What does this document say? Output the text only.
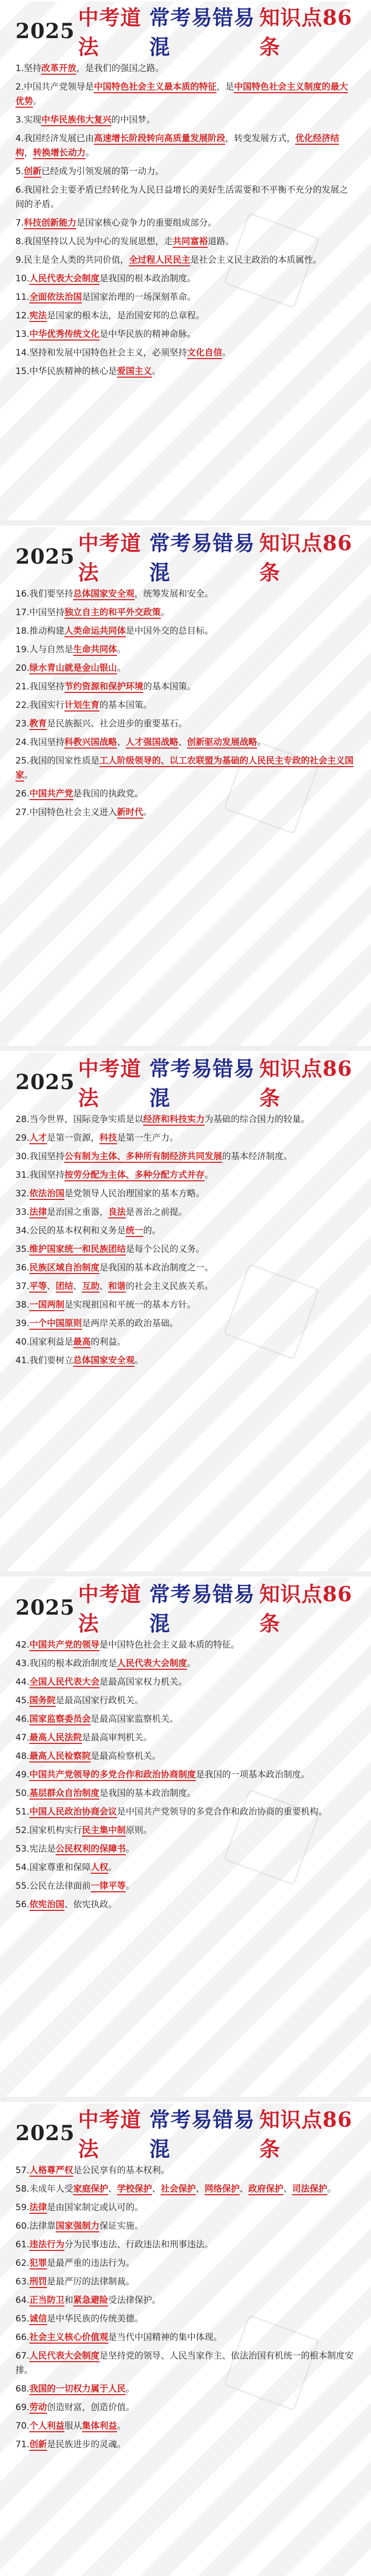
2025
中考道法
常考易错易混
知识点86条
1.坚持改革开放，是我们的强国之路。
2.中国共产党领导是中国特色社会主义最本质的特征，是中国特色社会主义制度的最大优势。
3.实现中华民族伟大复兴的中国梦。
4.我国经济发展已由高速增长阶段转向高质量发展阶段，转变发展方式，优化经济结构，转换增长动力。
5.创新已经成为引领发展的第一动力。
6.我国社会主要矛盾已经转化为人民日益增长的美好生活需要和不平衡不充分的发展之间的矛盾。
7.科技创新能力是国家核心竞争力的重要组成部分。
8.我国坚持以人民为中心的发展思想，走共同富裕道路。
9.民主是全人类的共同价值，全过程人民民主是社会主义民主政治的本质属性。
10.人民代表大会制度是我国的根本政治制度。
11.全面依法治国是国家治理的一场深刻革命。
12.宪法是国家的根本法，是治国安邦的总章程。
13.中华优秀传统文化是中华民族的精神命脉。
14.坚持和发展中国特色社会主义，必须坚持文化自信。
15.中华民族精神的核心是爱国主义。
2025
中考道法
常考易错易混
知识点86条
16.我们要坚持总体国家安全观，统筹发展和安全。
17.中国坚持独立自主的和平外交政策。
18.推动构建人类命运共同体是中国外交的总目标。
19.人与自然是生命共同体。
20.绿水青山就是金山银山。
21.我国坚持节约资源和保护环境的基本国策。
22.我国实行计划生育的基本国策。
23.教育是民族振兴、社会进步的重要基石。
24.我国坚持科教兴国战略、人才强国战略、创新驱动发展战略。
25.我国的国家性质是工人阶级领导的、以工农联盟为基础的人民民主专政的社会主义国家。
26.中国共产党是我国的执政党。
27.中国特色社会主义进入新时代。
2025
中考道法
常考易错易混
知识点86条
28.当今世界，国际竞争实质是以经济和科技实力为基础的综合国力的较量。
29.人才是第一资源，科技是第一生产力。
30.我国坚持公有制为主体、多种所有制经济共同发展的基本经济制度。
31.我国坚持按劳分配为主体、多种分配方式并存。
32.依法治国是党领导人民治理国家的基本方略。
33.法律是治国之重器，良法是善治之前提。
34.公民的基本权利和义务是统一的。
35.维护国家统一和民族团结是每个公民的义务。
36.民族区域自治制度是我国的基本政治制度之一。
37.平等、团结、互助、和谐的社会主义民族关系。
38.一国两制是实现祖国和平统一的基本方针。
39.一个中国原则是两岸关系的政治基础。
40.国家利益是最高的利益。
41.我们要树立总体国家安全观。
2025
中考道法
常考易错易混
知识点86条
42.中国共产党的领导是中国特色社会主义最本质的特征。
43.我国的根本政治制度是人民代表大会制度。
44.全国人民代表大会是最高国家权力机关。
45.国务院是最高国家行政机关。
46.国家监察委员会是最高国家监察机关。
47.最高人民法院是最高审判机关。
48.最高人民检察院是最高检察机关。
49.中国共产党领导的多党合作和政治协商制度是我国的一项基本政治制度。
50.基层群众自治制度是我国的基本政治制度。
51.中国人民政治协商会议是中国共产党领导的多党合作和政治协商的重要机构。
52.国家机构实行民主集中制原则。
53.宪法是公民权利的保障书。
54.国家尊重和保障人权。
55.公民在法律面前一律平等。
56.依宪治国、依宪执政。
2025
中考道法
常考易错易混
知识点86条
57.人格尊严权是公民享有的基本权利。
58.未成年人受家庭保护、学校保护、社会保护、网络保护、政府保护、司法保护。
59.法律是由国家制定或认可的。
60.法律靠国家强制力保证实施。
61.违法行为分为民事违法、行政违法和刑事违法。
62.犯罪是最严重的违法行为。
63.刑罚是最严厉的法律制裁。
64.正当防卫和紧急避险受法律保护。
65.诚信是中华民族的传统美德。
66.社会主义核心价值观是当代中国精神的集中体现。
67.人民代表大会制度是坚持党的领导、人民当家作主、依法治国有机统一的根本制度安排。
68.我国的一切权力属于人民。
69.劳动创造财富，创造价值。
70.个人利益服从集体利益。
71.创新是民族进步的灵魂。
